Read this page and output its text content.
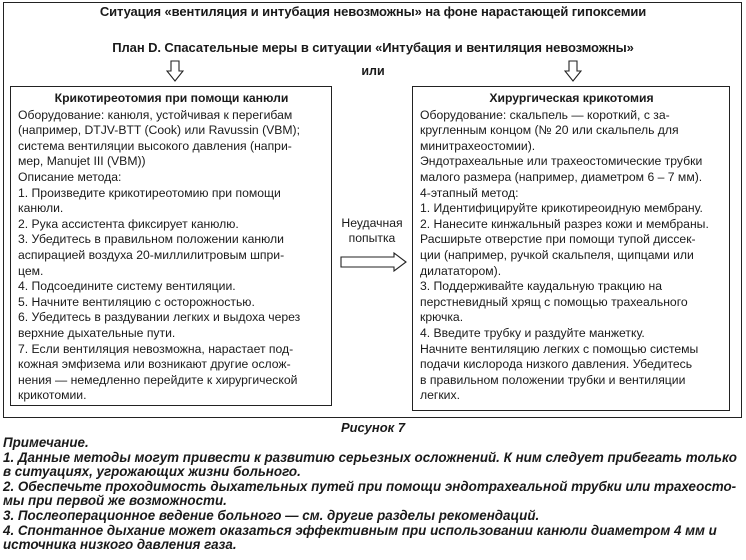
Ситуация «вентиляция и интубация невозможны» на фоне нарастающей гипоксемии
План D. Спасательные меры в ситуации «Интубация и вентиляция невозможны»
или
Крикотиреотомия при помощи канюли
Оборудование: канюля, устойчивая к перегибам
(например, DTJV-BTT (Cook) или Ravussin (VBM);
система вентиляции высокого давления (напри-
мер, Manujet III (VBM))
Описание метода:
1. Произведите крикотиреотомию при помощи
канюли.
2. Рука ассистента фиксирует канюлю.
3. Убедитесь в правильном положении канюли
аспирацией воздуха 20-миллилитровым шпри-
цем.
4. Подсоедините систему вентиляции.
5. Начните вентиляцию с осторожностью.
6. Убедитесь в раздувании легких и выдоха через
верхние дыхательные пути.
7. Если вентиляция невозможна, нарастает под-
кожная эмфизема или возникают другие ослож-
нения — немедленно перейдите к хирургической
крикотомии.
Неудачная
попытка
Хирургическая крикотомия
Оборудование: скальпель — короткий, с за-
кругленным концом (№ 20 или скальпель для
минитрахеостомии).
Эндотрахеальные или трахеостомические трубки
малого размера (например, диаметром 6 – 7 мм).
4-этапный метод:
1. Идентифицируйте крикотиреоидную мембрану.
2. Нанесите кинжальный разрез кожи и мембраны.
Расширьте отверстие при помощи тупой диссек-
ции (например, ручкой скальпеля, щипцами или
дилататором).
3. Поддерживайте каудальную тракцию на
перстневидный хрящ с помощью трахеального
крючка.
4. Введите трубку и раздуйте манжетку.
Начните вентиляцию легких с помощью системы
подачи кислорода низкого давления. Убедитесь
в правильном положении трубки и вентиляции
легких.
Рисунок 7
Примечание.
1. Данные методы могут привести к развитию серьезных осложнений. К ним следует прибегать только
в ситуациях, угрожающих жизни больного.
2. Обеспечьте проходимость дыхательных путей при помощи эндотрахеальной трубки или трахеосто-
мы при первой же возможности.
3. Послеоперационное ведение больного — см. другие разделы рекомендаций.
4. Спонтанное дыхание может оказаться эффективным при использовании канюли диаметром 4 мм и
источника низкого давления газа.
